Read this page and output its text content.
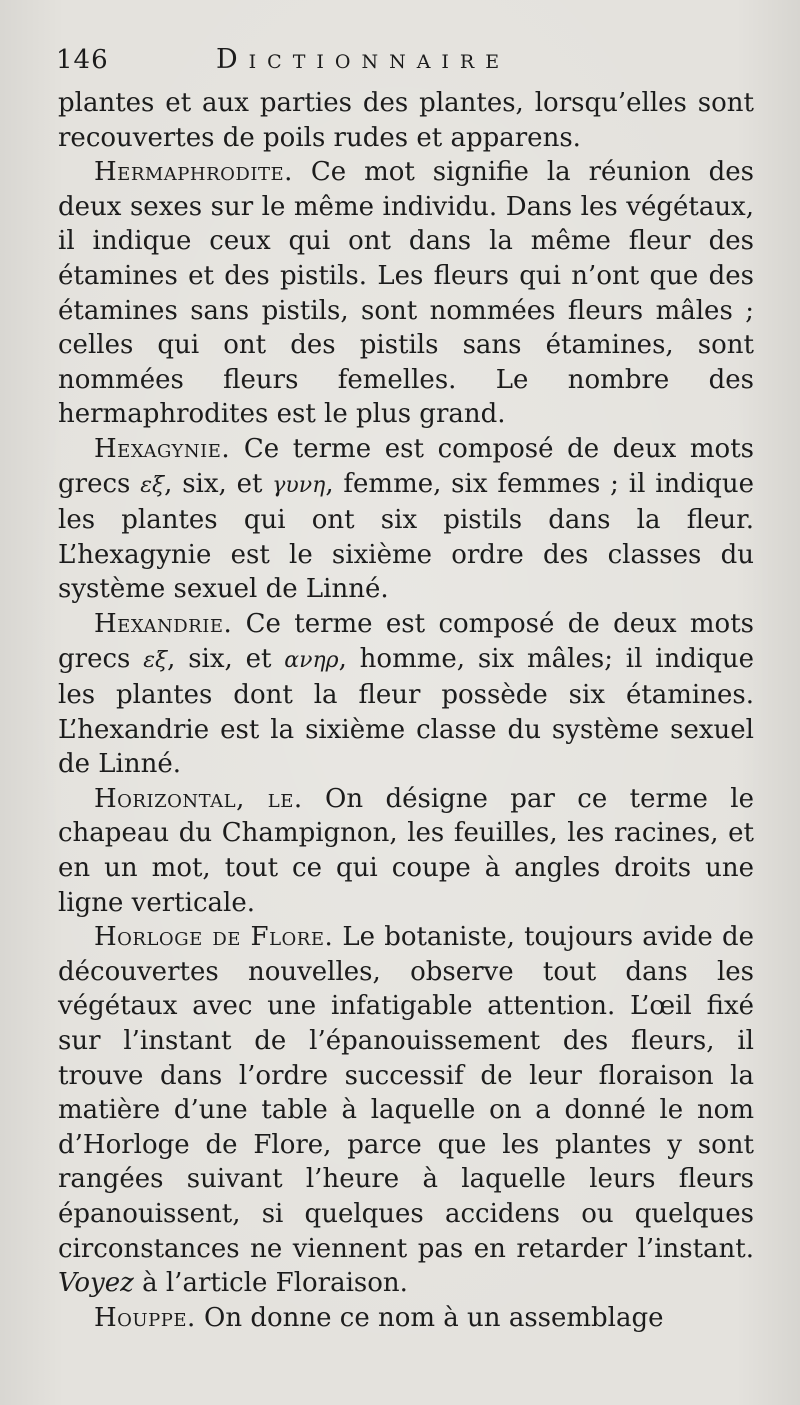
146	Dictionnaire

plantes et aux parties des plantes, lorsqu’elles sont recouvertes de poils rudes et apparens.

Hermaphrodite. Ce mot signifie la réunion des deux sexes sur le même individu. Dans les végétaux, il indique ceux qui ont dans la même fleur des étamines et des pistils. Les fleurs qui n’ont que des étamines sans pistils, sont nommées fleurs mâles ; celles qui ont des pistils sans étamines, sont nommées fleurs femelles. Le nombre des hermaphrodites est le plus grand.

Hexagynie. Ce terme est composé de deux mots grecs εξ, six, et γυνη, femme, six femmes ; il indique les plantes qui ont six pistils dans la fleur. L’hexagynie est le sixième ordre des classes du système sexuel de Linné.

Hexandrie. Ce terme est composé de deux mots grecs εξ, six, et ανηρ, homme, six mâles; il indique les plantes dont la fleur possède six étamines. L’hexandrie est la sixième classe du système sexuel de Linné.

Horizontal, le. On désigne par ce terme le chapeau du Champignon, les feuilles, les racines, et en un mot, tout ce qui coupe à angles droits une ligne verticale.

Horloge de Flore. Le botaniste, toujours avide de découvertes nouvelles, observe tout dans les végétaux avec une infatigable attention. L’œil fixé sur l’instant de l’épanouissement des fleurs, il trouve dans l’ordre successif de leur floraison la matière d’une table à laquelle on a donné le nom d’Horloge de Flore, parce que les plantes y sont rangées suivant l’heure à laquelle leurs fleurs épanouissent, si quelques accidens ou quelques circonstances ne viennent pas en retarder l’instant. Voyez à l’article Floraison.

Houppe. On donne ce nom à un assemblage
